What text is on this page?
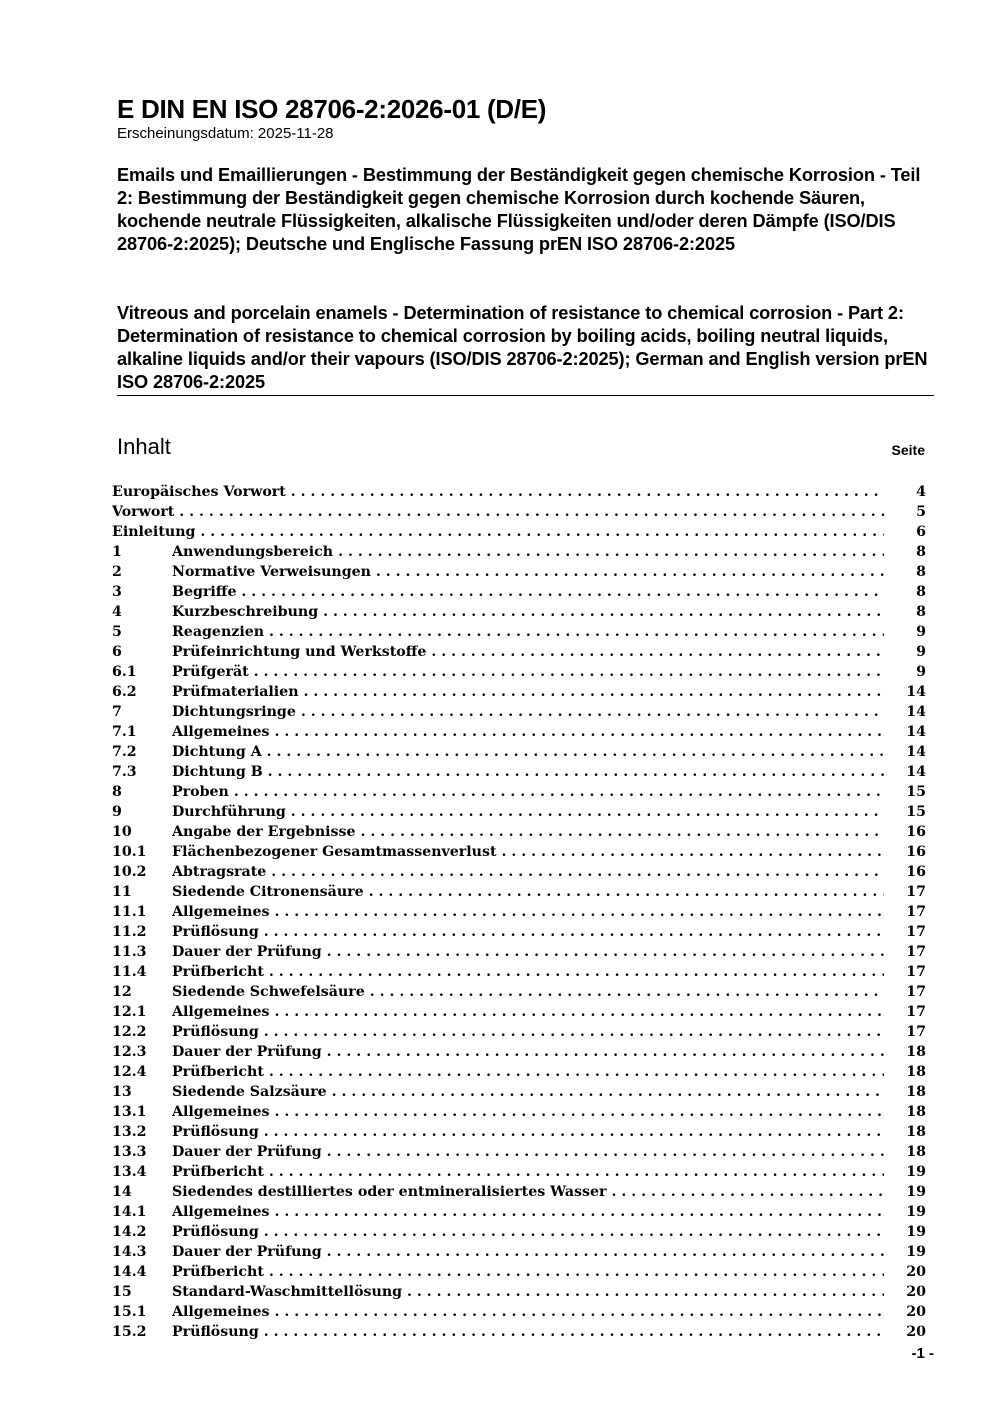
E DIN EN ISO 28706-2:2026-01 (D/E)
Erscheinungsdatum: 2025-11-28
Emails und Emaillierungen - Bestimmung der Beständigkeit gegen chemische Korrosion - Teil 2: Bestimmung der Beständigkeit gegen chemische Korrosion durch kochende Säuren, kochende neutrale Flüssigkeiten, alkalische Flüssigkeiten und/oder deren Dämpfe (ISO/DIS 28706-2:2025); Deutsche und Englische Fassung prEN ISO 28706-2:2025
Vitreous and porcelain enamels - Determination of resistance to chemical corrosion - Part 2: Determination of resistance to chemical corrosion by boiling acids, boiling neutral liquids, alkaline liquids and/or their vapours (ISO/DIS 28706-2:2025); German and English version prEN ISO 28706-2:2025
Inhalt	Seite
Europäisches Vorwort . . .	4
Vorwort . . .	5
Einleitung . . .	6
1	Anwendungsbereich . . .	8
2	Normative Verweisungen . . .	8
3	Begriffe . . .	8
4	Kurzbeschreibung . . .	8
5	Reagenzien . . .	9
6	Prüfeinrichtung und Werkstoffe . . .	9
6.1 Prüfgerät . . .	9
6.2 Prüfmaterialien . . .	14
7	Dichtungsringe . . .	14
7.1 Allgemeines . . .	14
7.2 Dichtung A . . .	14
7.3 Dichtung B . . .	14
8	Proben . . .	15
9	Durchführung . . .	15
10	Angabe der Ergebnisse . . .	16
10.1 Flächenbezogener Gesamtmassenverlust . . .	16
10.2 Abtragsrate . . .	16
11	Siedende Citronensäure . . .	17
11.1 Allgemeines . . .	17
11.2 Prüflösung . . .	17
11.3 Dauer der Prüfung . . .	17
11.4 Prüfbericht . . .	17
12	Siedende Schwefelsäure . . .	17
12.1 Allgemeines . . .	17
12.2 Prüflösung . . .	17
12.3 Dauer der Prüfung . . .	18
12.4 Prüfbericht . . .	18
13	Siedende Salzsäure . . .	18
13.1 Allgemeines . . .	18
13.2 Prüflösung . . .	18
13.3 Dauer der Prüfung . . .	18
13.4 Prüfbericht . . .	19
14	Siedendes destilliertes oder entmineralisiertes Wasser . . .	19
14.1 Allgemeines . . .	19
14.2 Prüflösung . . .	19
14.3 Dauer der Prüfung . . .	19
14.4 Prüfbericht . . .	20
15	Standard-Waschmittellösung . . .	20
15.1 Allgemeines . . .	20
15.2 Prüflösung . . .	20
-1 -
